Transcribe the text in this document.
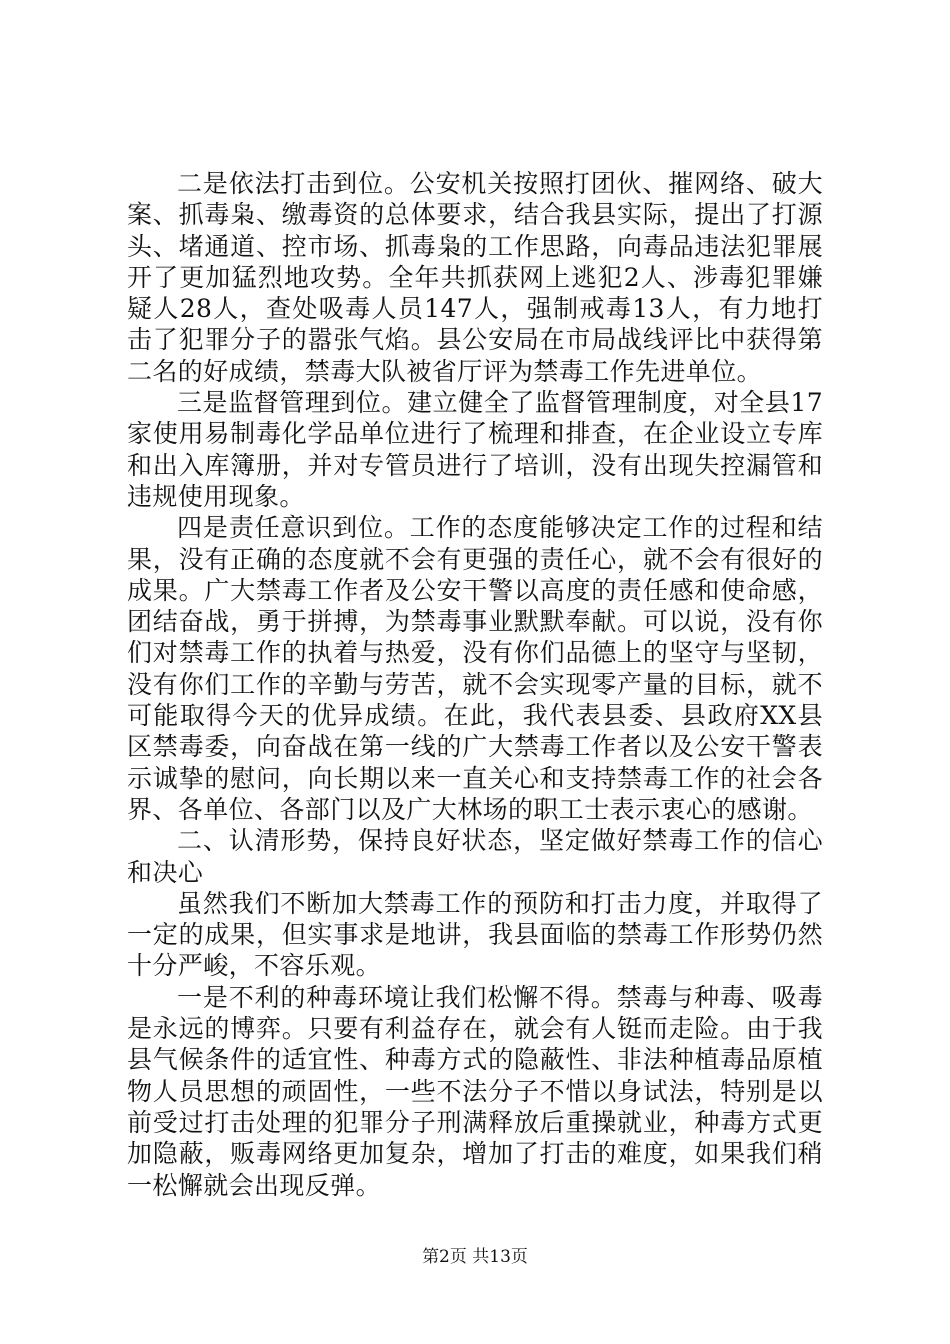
二是依法打击到位。公安机关按照打团伙、摧网络、破大案、抓毒枭、缴毒资的总体要求，结合我县实际，提出了打源头、堵通道、控市场、抓毒枭的工作思路，向毒品违法犯罪展开了更加猛烈地攻势。全年共抓获网上逃犯2人、涉毒犯罪嫌疑人28人，查处吸毒人员147人，强制戒毒13人，有力地打击了犯罪分子的嚣张气焰。县公安局在市局战线评比中获得第二名的好成绩，禁毒大队被省厅评为禁毒工作先进单位。

三是监督管理到位。建立健全了监督管理制度，对全县17家使用易制毒化学品单位进行了梳理和排查，在企业设立专库和出入库簿册，并对专管员进行了培训，没有出现失控漏管和违规使用现象。

四是责任意识到位。工作的态度能够决定工作的过程和结果，没有正确的态度就不会有更强的责任心，就不会有很好的成果。广大禁毒工作者及公安干警以高度的责任感和使命感，团结奋战，勇于拼搏，为禁毒事业默默奉献。可以说，没有你们对禁毒工作的执着与热爱，没有你们品德上的坚守与坚韧，没有你们工作的辛勤与劳苦，就不会实现零产量的目标，就不可能取得今天的优异成绩。在此，我代表县委、县政府XX县区禁毒委，向奋战在第一线的广大禁毒工作者以及公安干警表示诚挚的慰问，向长期以来一直关心和支持禁毒工作的社会各界、各单位、各部门以及广大林场的职工士表示衷心的感谢。

二、认清形势，保持良好状态，坚定做好禁毒工作的信心和决心

虽然我们不断加大禁毒工作的预防和打击力度，并取得了一定的成果，但实事求是地讲，我县面临的禁毒工作形势仍然十分严峻，不容乐观。

一是不利的种毒环境让我们松懈不得。禁毒与种毒、吸毒是永远的博弈。只要有利益存在，就会有人铤而走险。由于我县气候条件的适宜性、种毒方式的隐蔽性、非法种植毒品原植物人员思想的顽固性，一些不法分子不惜以身试法，特别是以前受过打击处理的犯罪分子刑满释放后重操就业，种毒方式更加隐蔽，贩毒网络更加复杂，增加了打击的难度，如果我们稍一松懈就会出现反弹。

第2页 共13页
